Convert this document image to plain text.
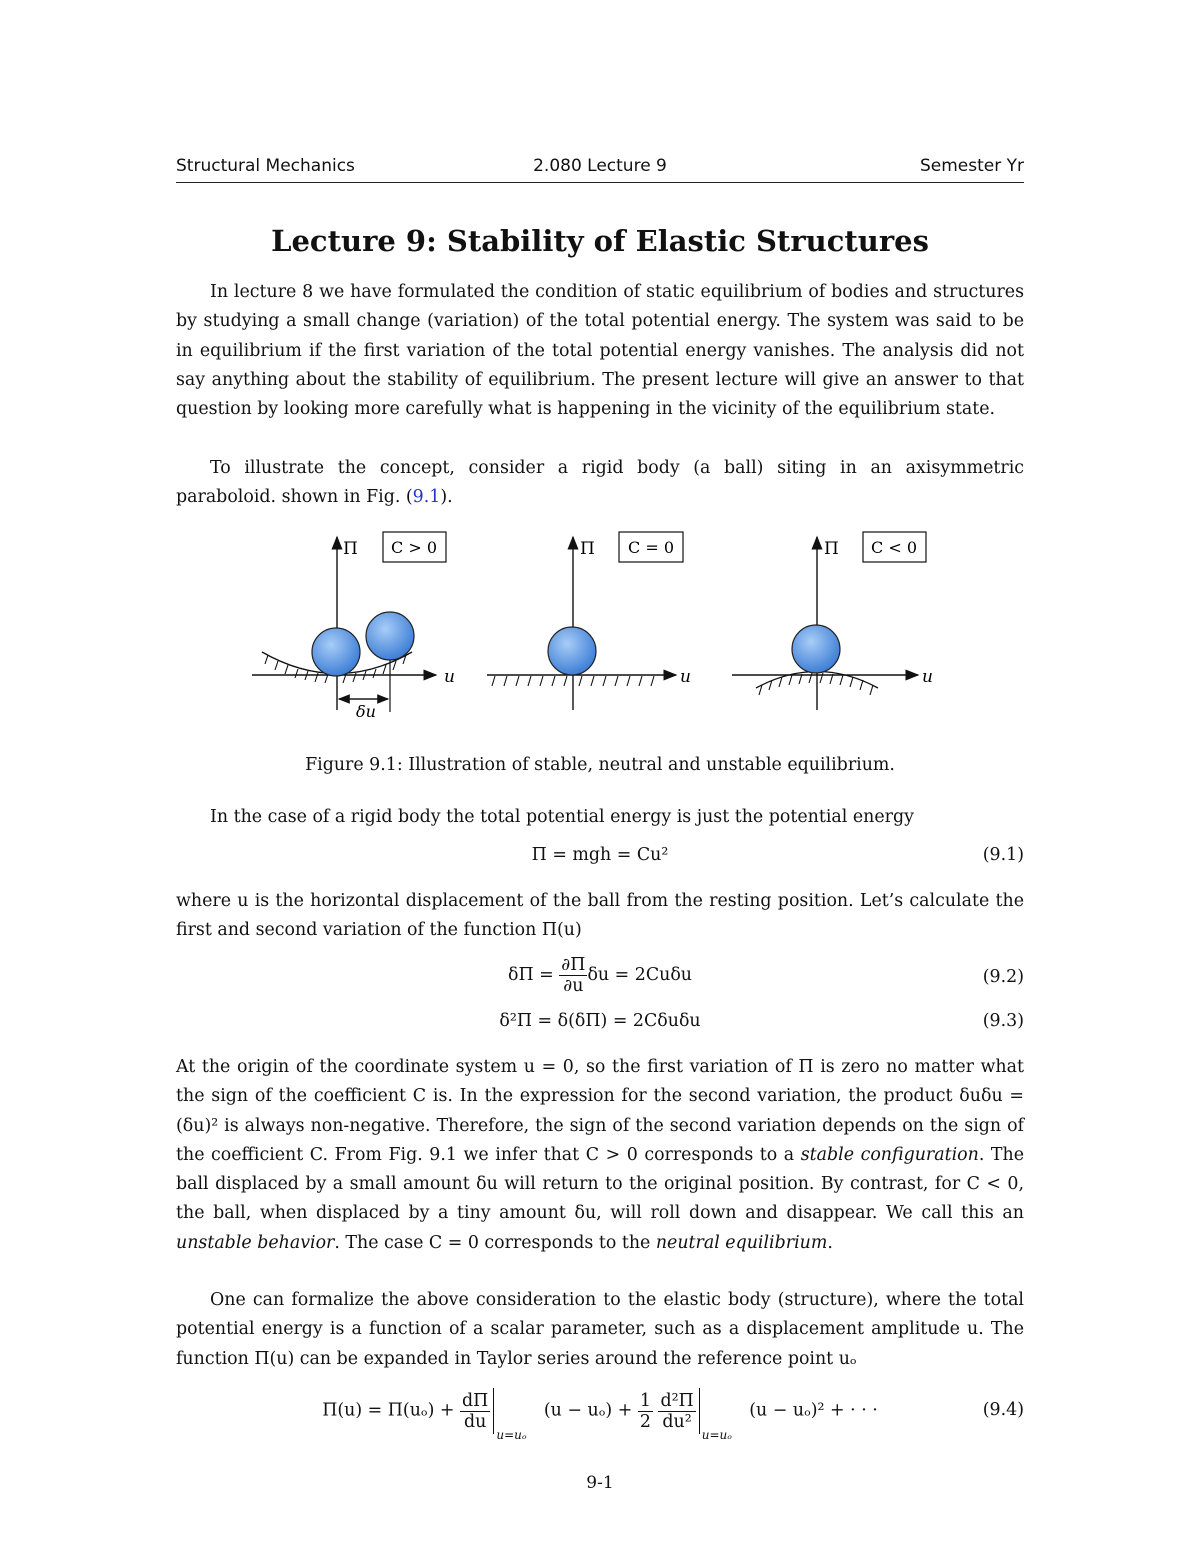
Structural Mechanics	2.080 Lecture 9	Semester Yr
Lecture 9: Stability of Elastic Structures

In lecture 8 we have formulated the condition of static equilibrium of bodies and structures by studying a small change (variation) of the total potential energy. The system was said to be in equilibrium if the first variation of the total potential energy vanishes. The analysis did not say anything about the stability of equilibrium. The present lecture will give an answer to that question by looking more carefully what is happening in the vicinity of the equilibrium state.

To illustrate the concept, consider a rigid body (a ball) siting in an axisymmetric paraboloid. shown in Fig. (9.1).

δu
Π
u
C > 0	Π
u
C = 0	Π
u
C < 0
Figure 9.1: Illustration of stable, neutral and unstable equilibrium.

In the case of a rigid body the total potential energy is just the potential energy

Π = mgh = Cu²	(9.1)

where u is the horizontal displacement of the ball from the resting position. Let’s calculate the first and second variation of the function Π(u)

$\delta\Pi = \frac{\partial\Pi}{\partial u}$ δu = 2Cuδu	(9.2)
δ²Π = δ(δΠ) = 2Cδuδu	(9.3)

At the origin of the coordinate system u = 0, so the first variation of Π is zero no matter what the sign of the coefficient C is. In the expression for the second variation, the product δuδu = (δu)² is always non-negative. Therefore, the sign of the second variation depends on the sign of the coefficient C. From Fig. 9.1 we infer that C > 0 corresponds to a stable configuration. The ball displaced by a small amount δu will return to the original position. By contrast, for C < 0, the ball, when displaced by a tiny amount δu, will roll down and disappear. We call this an unstable behavior. The case C = 0 corresponds to the neutral equilibrium.

One can formalize the above consideration to the elastic body (structure), where the total potential energy is a function of a scalar parameter, such as a displacement amplitude u. The function Π(u) can be expanded in Taylor series around the reference point uₒ

$\Pi(u) = \Pi(u_o) + \frac{d\Pi}{du}$
u=uₒ
$(u - u_o) + \frac{1}{2}$
$\frac{\text{d²Π}}{\text{du²}}$
u=uₒ
(u − uₒ)² + · · ·	(9.4)
9-1
